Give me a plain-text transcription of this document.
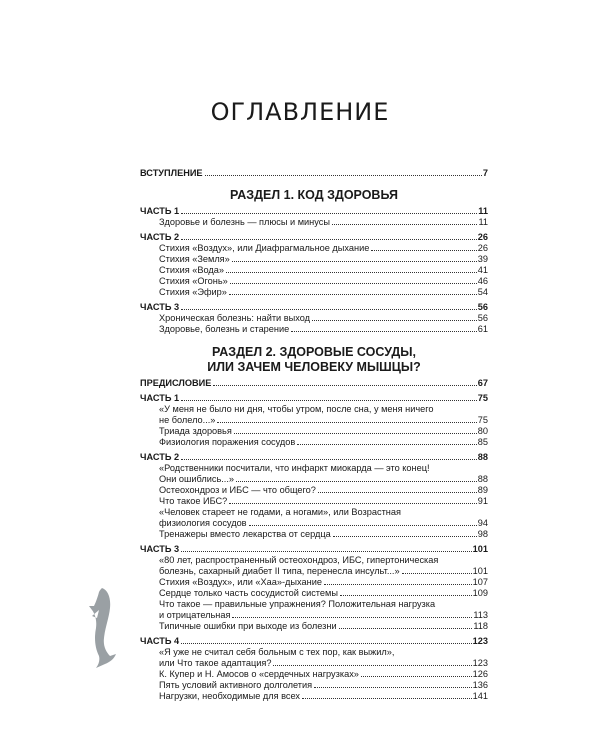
ОГЛАВЛЕНИЕ
ВСТУПЛЕНИЕ	7
РАЗДЕЛ 1. КОД ЗДОРОВЬЯ
ЧАСТЬ 1	11
Здоровье и болезнь — плюсы и минусы	11
ЧАСТЬ 2	26
Стихия «Воздух», или Диафрагмальное дыхание	26
Стихия «Земля»	39
Стихия «Вода»	41
Стихия «Огонь»	46
Стихия «Эфир»	54
ЧАСТЬ 3	56
Хроническая болезнь: найти выход	56
Здоровье, болезнь и старение	61
РАЗДЕЛ 2. ЗДОРОВЫЕ СОСУДЫ,
ИЛИ ЗАЧЕМ ЧЕЛОВЕКУ МЫШЦЫ?
ПРЕДИСЛОВИЕ	67
ЧАСТЬ 1	75
«У меня не было ни дня, чтобы утром, после сна, у меня ничего
не болело...»	75
Триада здоровья	80
Физиология поражения сосудов	85
ЧАСТЬ 2	88
«Родственники посчитали, что инфаркт миокарда — это конец!
Они ошиблись...»	88
Остеохондроз и ИБС — что общего?	89
Что такое ИБС?	91
«Человек стареет не годами, а ногами», или Возрастная
физиология сосудов	94
Тренажеры вместо лекарства от сердца	98
ЧАСТЬ 3	101
«80 лет, распространенный остеохондроз, ИБС, гипертоническая
болезнь, сахарный диабет II типа, перенесла инсульт...»	101
Стихия «Воздух», или «Хаа»-дыхание	107
Сердце только часть сосудистой системы	109
Что такое — правильные упражнения? Положительная нагрузка
и отрицательная	113
Типичные ошибки при выходе из болезни	118
ЧАСТЬ 4	123
«Я уже не считал себя больным с тех пор, как выжил»,
или Что такое адаптация?	123
К. Купер и Н. Амосов о «сердечных нагрузках»	126
Пять условий активного долголетия	136
Нагрузки, необходимые для всех	141
